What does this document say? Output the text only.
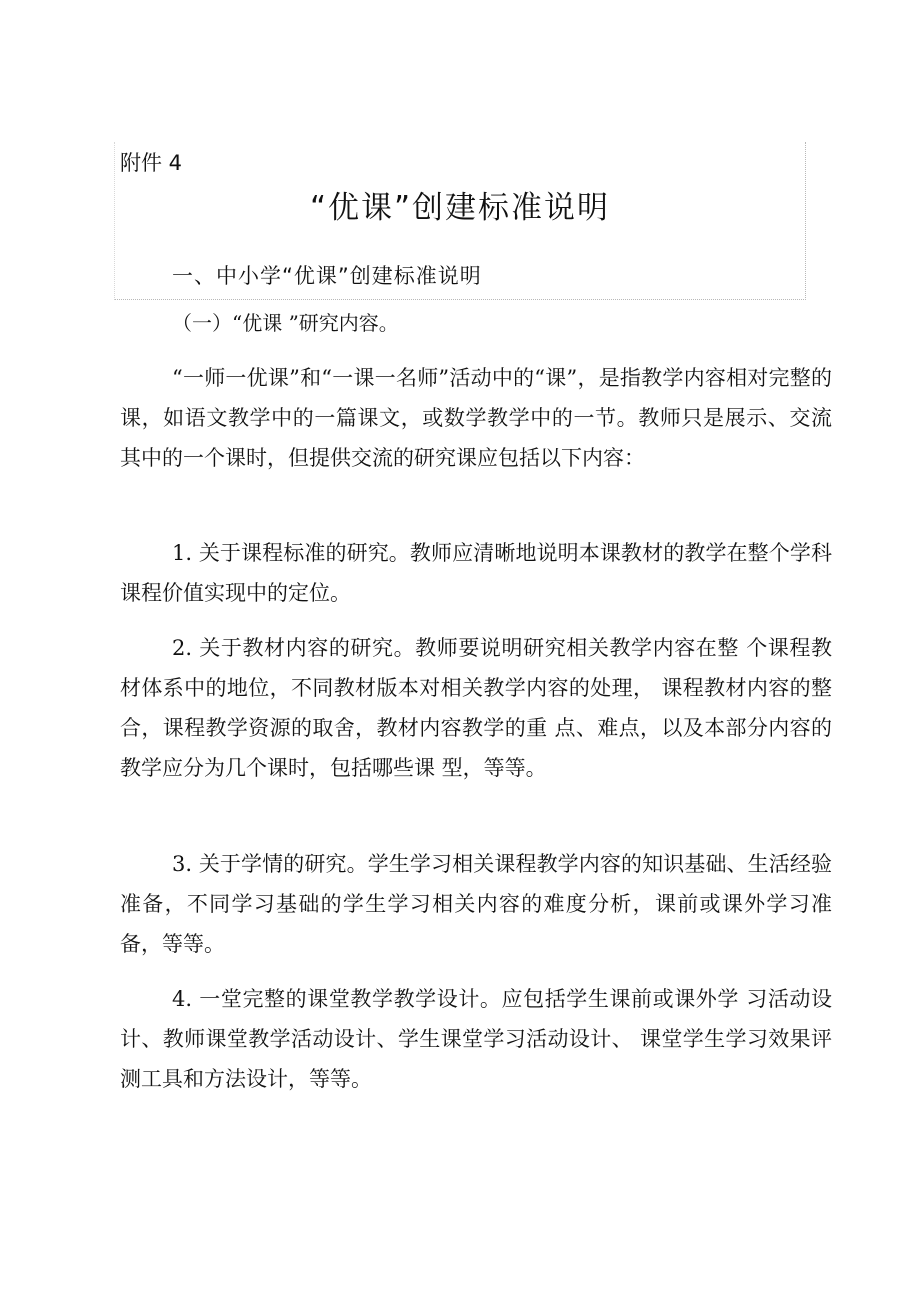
附件 4
“优课”创建标准说明
一、中小学“优课”创建标准说明
（一）“优课 ”研究内容。

“一师一优课”和“一课一名师”活动中的“课”，是指教学内容相对完整的课，如语文教学中的一篇课文，或数学教学中的一节。教师只是展示、交流其中的一个课时，但提供交流的研究课应包括以下内容：

1. 关于课程标准的研究。教师应清晰地说明本课教材的教学在整个学科课程价值实现中的定位。

2. 关于教材内容的研究。教师要说明研究相关教学内容在整 个课程教材体系中的地位，不同教材版本对相关教学内容的处理， 课程教材内容的整合，课程教学资源的取舍，教材内容教学的重 点、难点，以及本部分内容的教学应分为几个课时，包括哪些课 型，等等。

3. 关于学情的研究。学生学习相关课程教学内容的知识基础、生活经验准备，不同学习基础的学生学习相关内容的难度分析，课前或课外学习准备，等等。

4. 一堂完整的课堂教学教学设计。应包括学生课前或课外学 习活动设计、教师课堂教学活动设计、学生课堂学习活动设计、 课堂学生学习效果评测工具和方法设计，等等。
